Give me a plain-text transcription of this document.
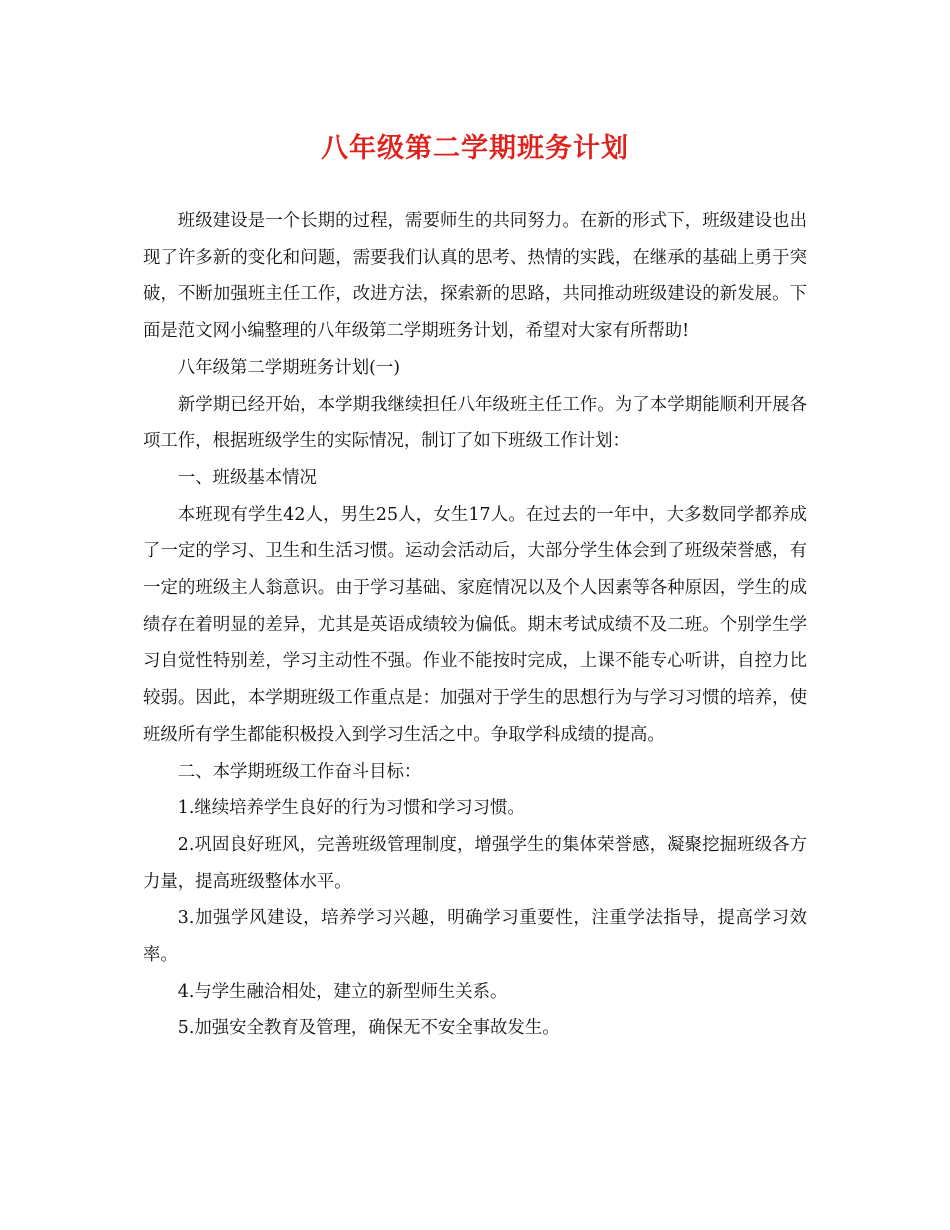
八年级第二学期班务计划

班级建设是一个长期的过程，需要师生的共同努力。在新的形式下，班级建设也出现了许多新的变化和问题，需要我们认真的思考、热情的实践，在继承的基础上勇于突破，不断加强班主任工作，改进方法，探索新的思路，共同推动班级建设的新发展。下面是范文网小编整理的八年级第二学期班务计划，希望对大家有所帮助!

八年级第二学期班务计划(一)

新学期已经开始，本学期我继续担任八年级班主任工作。为了本学期能顺利开展各项工作，根据班级学生的实际情况，制订了如下班级工作计划：

一、班级基本情况

本班现有学生42人，男生25人，女生17人。在过去的一年中，大多数同学都养成了一定的学习、卫生和生活习惯。运动会活动后，大部分学生体会到了班级荣誉感，有一定的班级主人翁意识。由于学习基础、家庭情况以及个人因素等各种原因，学生的成绩存在着明显的差异，尤其是英语成绩较为偏低。期末考试成绩不及二班。个别学生学习自觉性特别差，学习主动性不强。作业不能按时完成，上课不能专心听讲，自控力比较弱。因此，本学期班级工作重点是：加强对于学生的思想行为与学习习惯的培养，使班级所有学生都能积极投入到学习生活之中。争取学科成绩的提高。

二、本学期班级工作奋斗目标：

1.继续培养学生良好的行为习惯和学习习惯。

2.巩固良好班风，完善班级管理制度，增强学生的集体荣誉感，凝聚挖掘班级各方力量，提高班级整体水平。

3.加强学风建设，培养学习兴趣，明确学习重要性，注重学法指导，提高学习效率。

4.与学生融洽相处，建立的新型师生关系。

5.加强安全教育及管理，确保无不安全事故发生。
